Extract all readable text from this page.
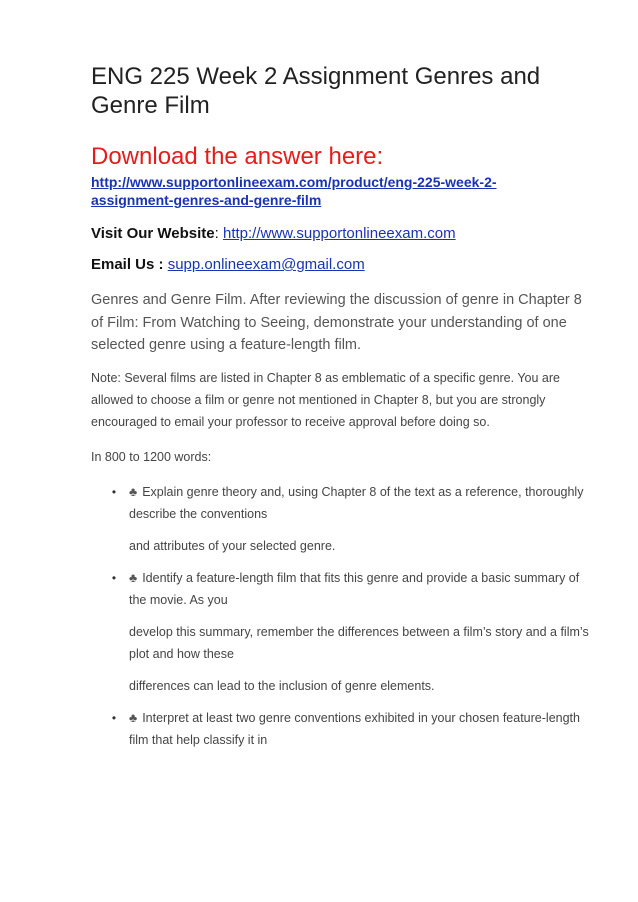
ENG 225 Week 2 Assignment Genres and Genre Film
Download the answer here:
http://www.supportonlineexam.com/product/eng-225-week-2-assignment-genres-and-genre-film
Visit Our Website: http://www.supportonlineexam.com
Email Us : supp.onlineexam@gmail.com

Genres and Genre Film. After reviewing the discussion of genre in Chapter 8 of Film: From Watching to Seeing, demonstrate your understanding of one selected genre using a feature-length film.

Note: Several films are listed in Chapter 8 as emblematic of a specific genre. You are allowed to choose a film or genre not mentioned in Chapter 8, but you are strongly encouraged to email your professor to receive approval before doing so.

In 800 to 1200 words:
• ♣ Explain genre theory and, using Chapter 8 of the text as a reference, thoroughly describe the conventions
and attributes of your selected genre.
• ♣ Identify a feature-length film that fits this genre and provide a basic summary of the movie. As you
develop this summary, remember the differences between a film’s story and a film’s plot and how these
differences can lead to the inclusion of genre elements.
• ♣ Interpret at least two genre conventions exhibited in your chosen feature-length film that help classify it in
